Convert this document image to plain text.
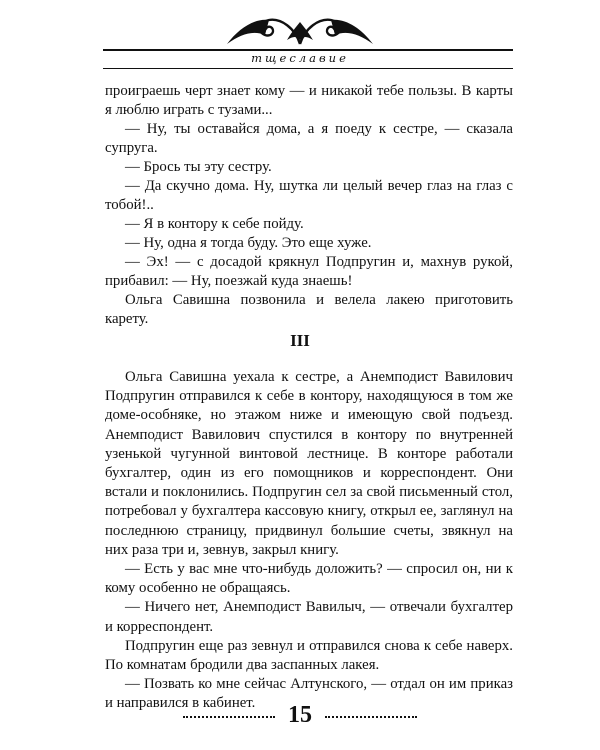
тщеславие

проиграешь черт знает кому — и никакой тебе пользы. В карты я люблю играть с тузами...

— Ну, ты оставайся дома, а я поеду к сестре, — сказала супруга.

— Брось ты эту сестру.

— Да скучно дома. Ну, шутка ли целый вечер глаз на глаз с тобой!..

— Я в контору к себе пойду.

— Ну, одна я тогда буду. Это еще хуже.

— Эх! — с досадой крякнул Подпругин и, махнув рукой, прибавил: — Ну, поезжай куда знаешь!

Ольга Савишна позвонила и велела лакею приготовить карету.

III

Ольга Савишна уехала к сестре, а Анемподист Вавилович Подпругин отправился к себе в контору, находящуюся в том же доме-особняке, но этажом ниже и имеющую свой подъезд. Анемподист Вавилович спустился в контору по внутренней узенькой чугунной винтовой лестнице. В конторе работали бухгалтер, один из его помощников и корреспондент. Они встали и поклонились. Подпругин сел за свой письменный стол, потребовал у бухгалтера кассовую книгу, открыл ее, заглянул на последнюю страницу, придвинул большие счеты, звякнул на них раза три и, зевнув, закрыл книгу.

— Есть у вас мне что-нибудь доложить? — спросил он, ни к кому особенно не обращаясь.

— Ничего нет, Анемподист Вавилыч, — отвечали бухгалтер и корреспондент.

Подпругин еще раз зевнул и отправился снова к себе наверх. По комнатам бродили два заспанных лакея.

— Позвать ко мне сейчас Алтунского, — отдал он им приказ и направился в кабинет.	15
